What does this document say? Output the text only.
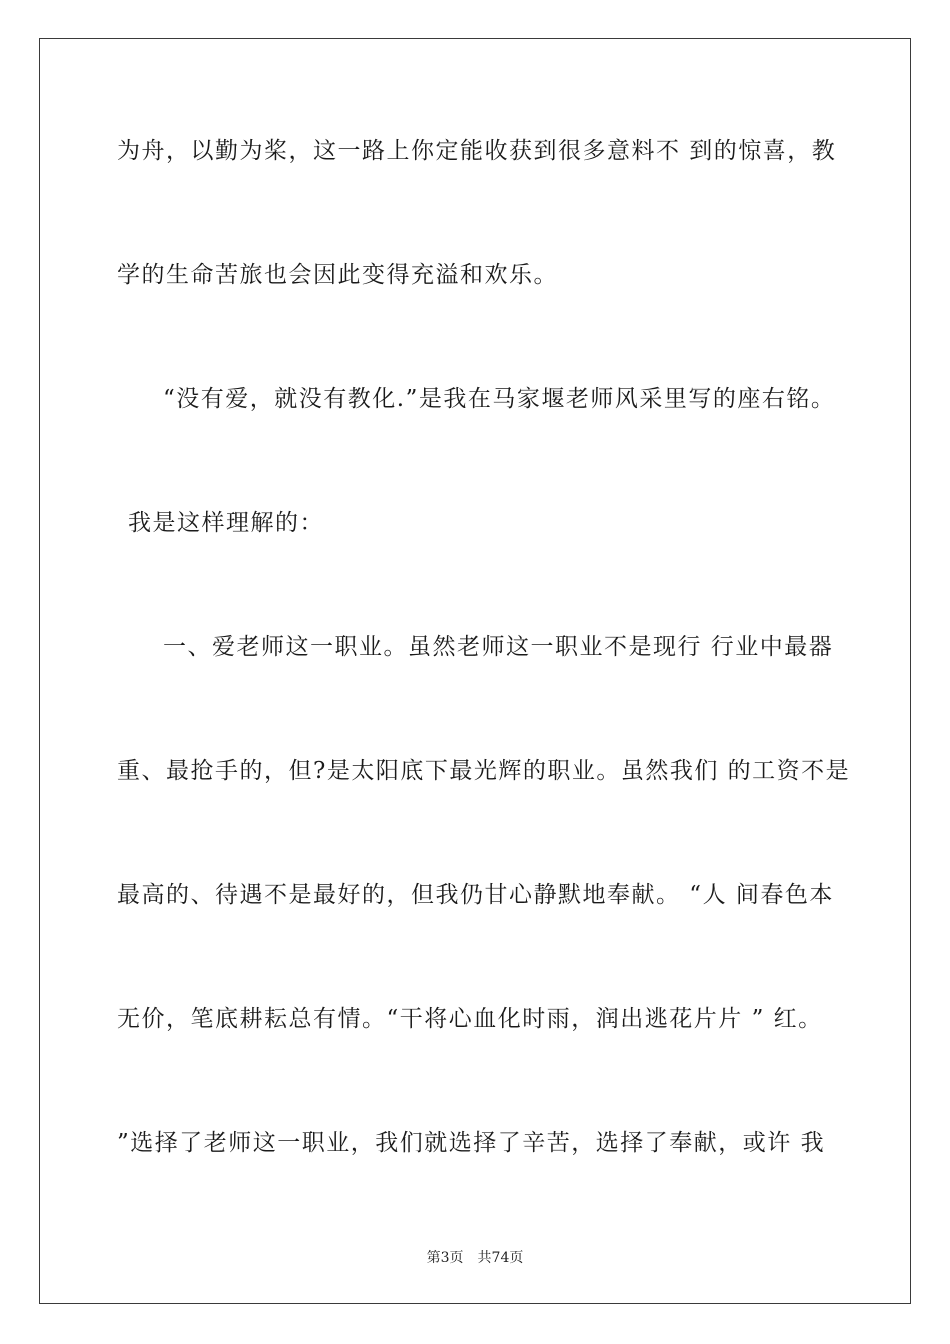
为舟，以勤为桨，这一路上你定能收获到很多意料不 到的惊喜，教
学的生命苦旅也会因此变得充溢和欢乐。
“没有爱，就没有教化.”是我在马家堰老师风采里写的座右铭。
我是这样理解的：
一、爱老师这一职业。虽然老师这一职业不是现行 行业中最器
重、最抢手的，但?是太阳底下最光辉的职业。虽然我们 的工资不是
最高的、待遇不是最好的，但我仍甘心静默地奉献。 “人 间春色本
无价，笔底耕耘总有情。“干将心血化时雨，润出逃花片片 ” 红。
”选择了老师这一职业，我们就选择了辛苦，选择了奉献，或许 我
第3页 共74页
